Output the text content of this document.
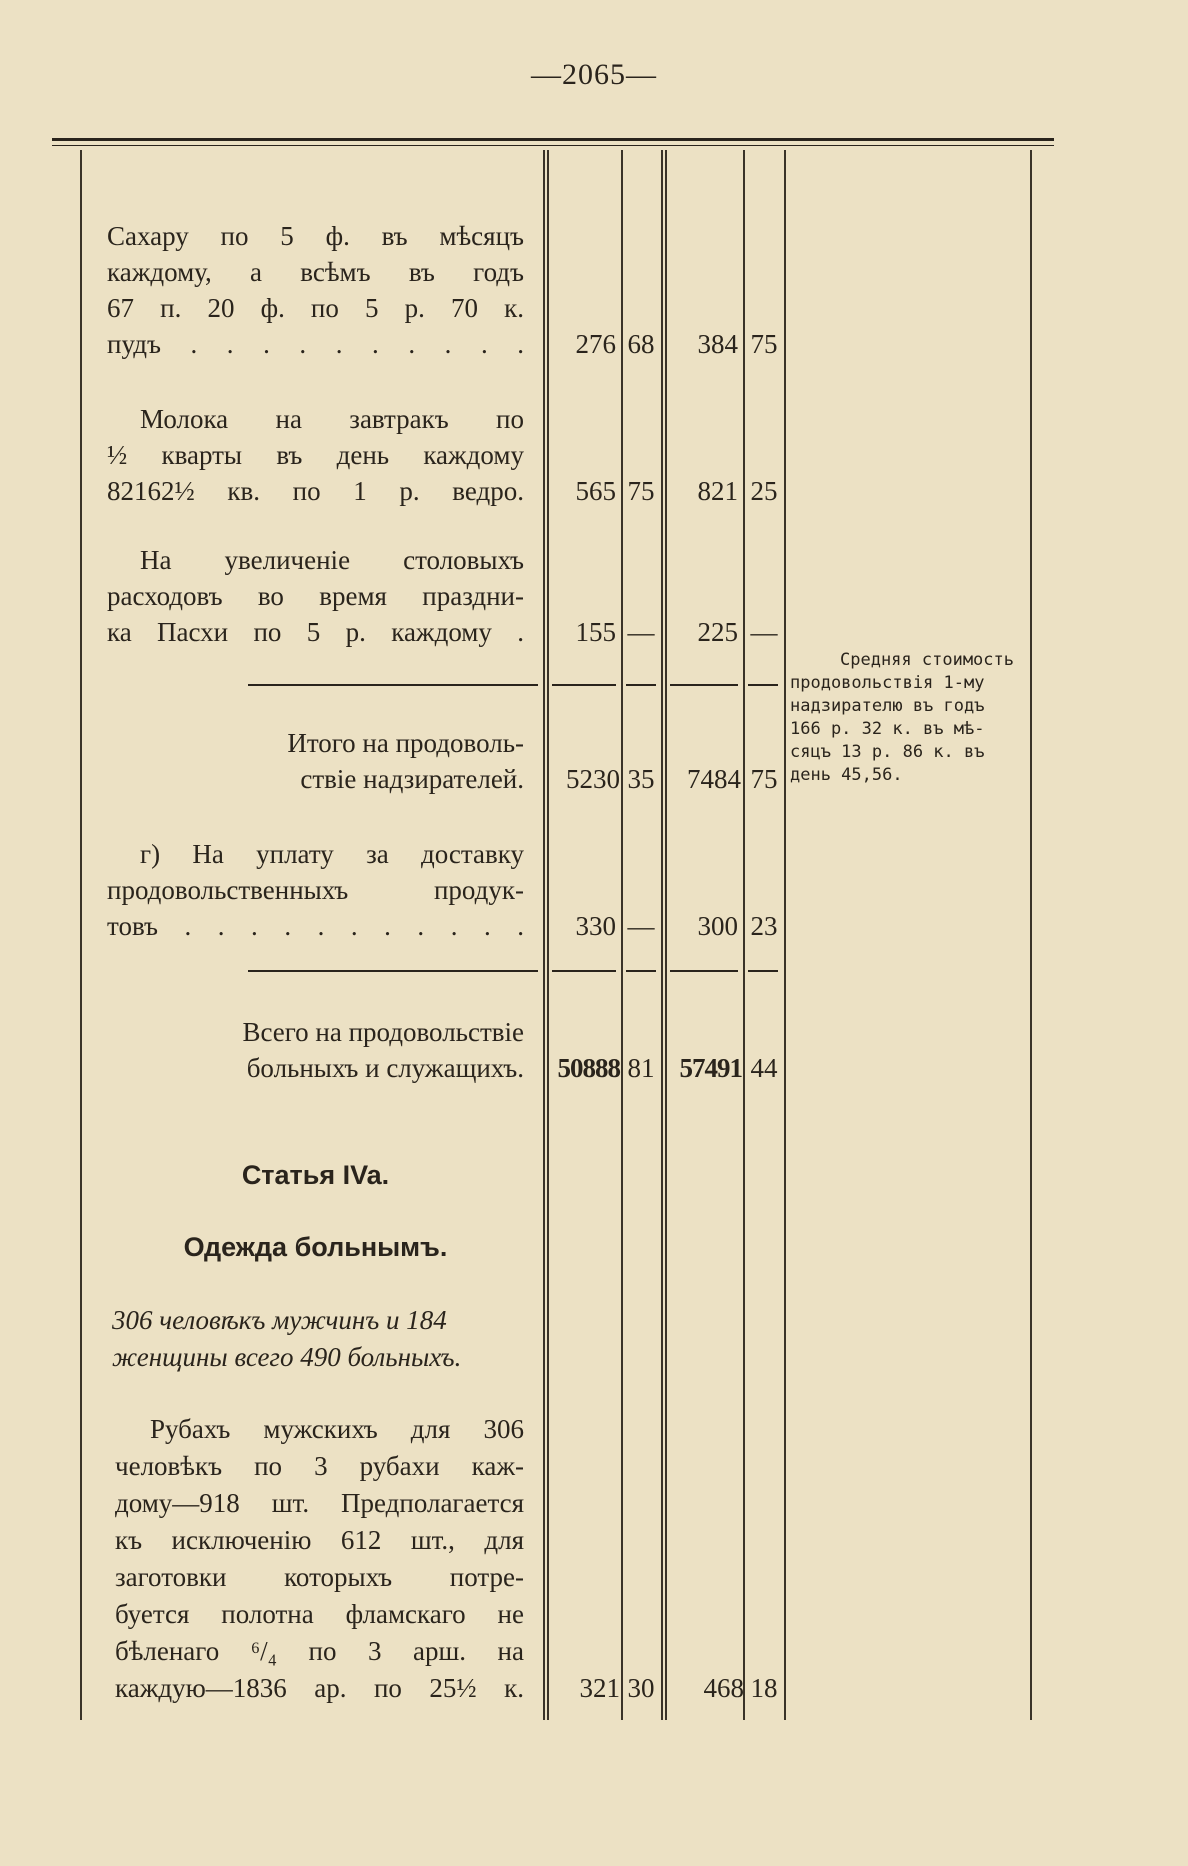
—2065—
Сахару по 5 ф. въ мѣсяцъ
каждому, а всѣмъ въ годъ
67 п. 20 ф. по 5 р. 70 к.
пудъ . . . . . . . . . .	276 68	384 75
Молока на завтракъ по
½ кварты въ день каждому
82162½ кв. по 1 р. ведро.	565 75	821 25
На увеличеніе столовыхъ
расходовъ во время праздни-
ка Пасхи по 5 р. каждому .	155 —	225 —
Средняя стоимость
продовольствія 1-му
надзирателю въ годъ
166 р. 32 к. въ мѣ-
сяцъ 13 р. 86 к. въ
день 45,56.
Итого на продоволь-
ствіе надзирателей.	5230 35	7484 75
г) На уплату за доставку
продовольственныхъ продук-
товъ . . . . . . . . . . .	330 —	300 23
Всего на продовольствіе
больныхъ и служащихъ. 50888 81 57491 44
Статья IVa.
Одежда больнымъ.
306 человѣкъ мужчинъ и 184
женщины всего 490 больныхъ.
Рубахъ мужскихъ для 306
человѣкъ по 3 рубахи каж-
дому—918 шт. Предполагается
къ исключенію 612 шт., для
заготовки которыхъ потре-
буется полотна фламскаго не
бѣленаго ⁶/₄ по 3 арш. на
каждую—1836 ар. по 25½ к.	321 30	468 18
